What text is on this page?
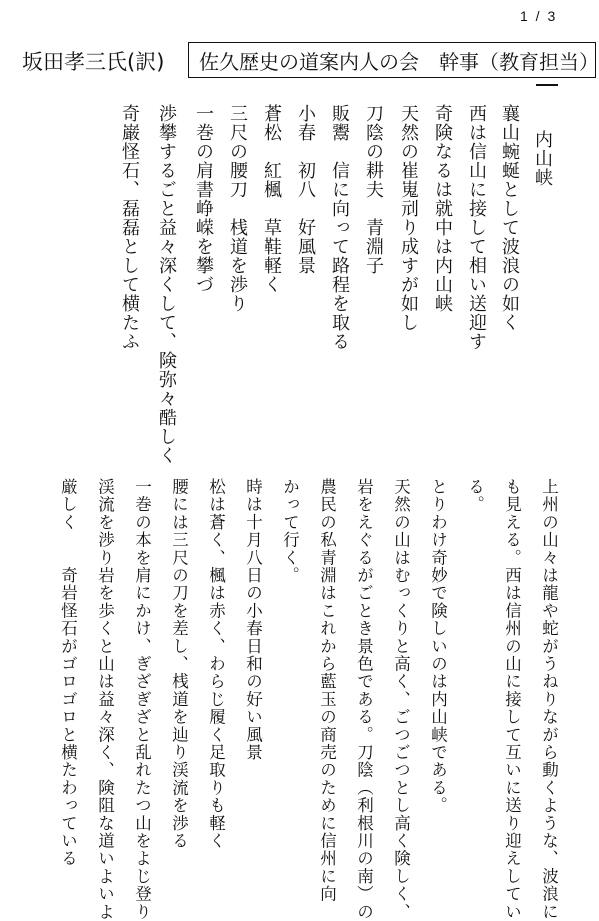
1 / 3
坂田孝三氏(訳) 佐久歴史の道案内人の会　幹事（教育担当）
内山峡
襄山蜿蜒として波浪の如く
西は信山に接して相い送迎す
奇険なるは就中は内山峡
天然の崔嵬刓り成すが如し
刀陰の耕夫　青淵子
販鬻　信に向って路程を取る
小春　初八　好風景
蒼松　紅楓　草鞋軽く
三尺の腰刀　桟道を渉り
一巻の肩書峥嵘を攀づ
渉攀するごと益々深くして、険弥々酷しく
奇巌怪石、磊磊として横たふ
上州の山々は龍や蛇がうねりながら動くような、波浪に
も見える。西は信州の山に接して互いに送り迎えしてい
る。
とりわけ奇妙で険しいのは内山峡である。
天然の山はむっくりと高く、ごつごつとし高く険しく、
岩をえぐるがごとき景色である。刀陰（利根川の南）の
農民の私青淵はこれから藍玉の商売のために信州に向
かって行く。
時は十月八日の小春日和の好い風景
松は蒼く、楓は赤く、わらじ履く足取りも軽く
腰には三尺の刀を差し、桟道を辿り渓流を渉る
一巻の本を肩にかけ、ぎざぎざと乱れたつ山をよじ登り
渓流を渉り岩を歩くと山は益々深く、険阻な道いよいよ
厳しく　　奇岩怪石がゴロゴロと横たわっている
